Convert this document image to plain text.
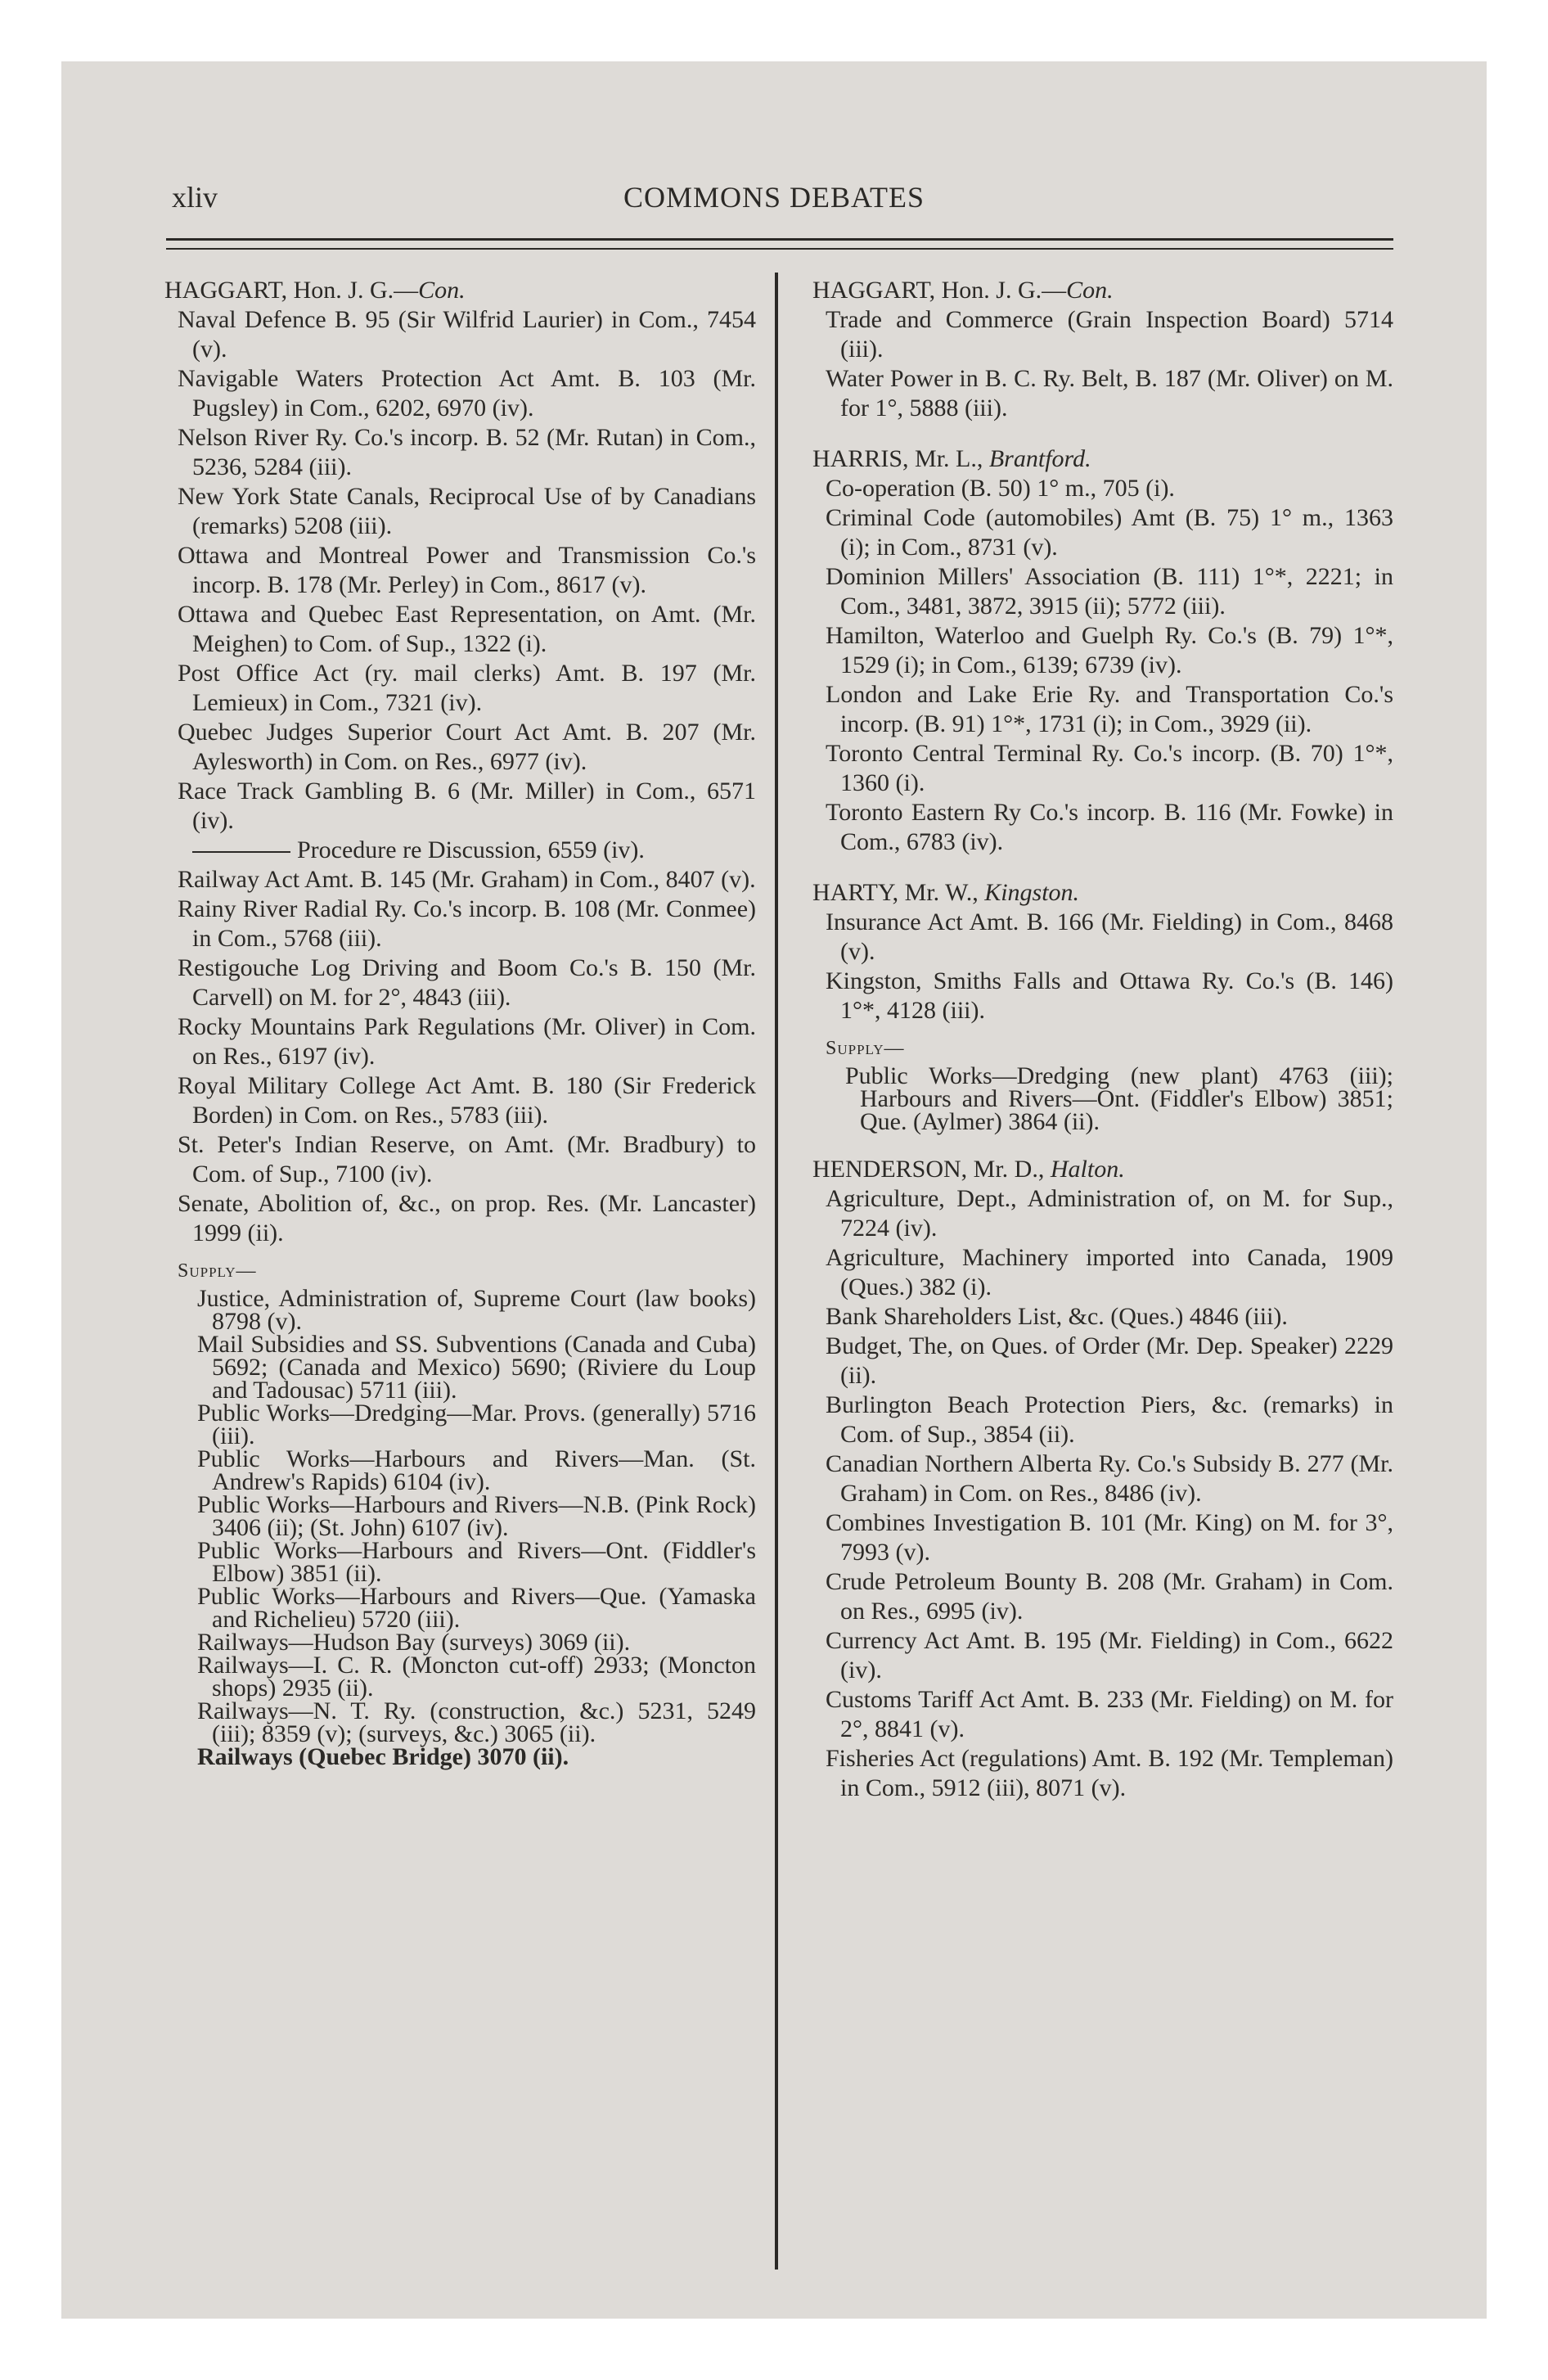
xliv	COMMONS DEBATES

HAGGART, Hon. J. G.—Con.

Naval Defence B. 95 (Sir Wilfrid Laurier) in Com., 7454 (v).

Navigable Waters Protection Act Amt. B. 103 (Mr. Pugsley) in Com., 6202, 6970 (iv).

Nelson River Ry. Co.'s incorp. B. 52 (Mr. Rutan) in Com., 5236, 5284 (iii).

New York State Canals, Reciprocal Use of by Canadians (remarks) 5208 (iii).

Ottawa and Montreal Power and Transmission Co.'s incorp. B. 178 (Mr. Perley) in Com., 8617 (v).

Ottawa and Quebec East Representation, on Amt. (Mr. Meighen) to Com. of Sup., 1322 (i).

Post Office Act (ry. mail clerks) Amt. B. 197 (Mr. Lemieux) in Com., 7321 (iv).

Quebec Judges Superior Court Act Amt. B. 207 (Mr. Aylesworth) in Com. on Res., 6977 (iv).

Race Track Gambling B. 6 (Mr. Miller) in Com., 6571 (iv).

Procedure re Discussion, 6559 (iv).

Railway Act Amt. B. 145 (Mr. Graham) in Com., 8407 (v).

Rainy River Radial Ry. Co.'s incorp. B. 108 (Mr. Conmee) in Com., 5768 (iii).

Restigouche Log Driving and Boom Co.'s B. 150 (Mr. Carvell) on M. for 2°, 4843 (iii).

Rocky Mountains Park Regulations (Mr. Oliver) in Com. on Res., 6197 (iv).

Royal Military College Act Amt. B. 180 (Sir Frederick Borden) in Com. on Res., 5783 (iii).

St. Peter's Indian Reserve, on Amt. (Mr. Bradbury) to Com. of Sup., 7100 (iv).

Senate, Abolition of, &c., on prop. Res. (Mr. Lancaster) 1999 (ii).

Supply—

Justice, Administration of, Supreme Court (law books) 8798 (v).

Mail Subsidies and SS. Subventions (Canada and Cuba) 5692; (Canada and Mexico) 5690; (Riviere du Loup and Tadousac) 5711 (iii).

Public Works—Dredging—Mar. Provs. (generally) 5716 (iii).

Public Works—Harbours and Rivers—Man. (St. Andrew's Rapids) 6104 (iv).

Public Works—Harbours and Rivers—N.B. (Pink Rock) 3406 (ii); (St. John) 6107 (iv).

Public Works—Harbours and Rivers—Ont. (Fiddler's Elbow) 3851 (ii).

Public Works—Harbours and Rivers—Que. (Yamaska and Richelieu) 5720 (iii).

Railways—Hudson Bay (surveys) 3069 (ii).

Railways—I. C. R. (Moncton cut-off) 2933; (Moncton shops) 2935 (ii).

Railways—N. T. Ry. (construction, &c.) 5231, 5249 (iii); 8359 (v); (surveys, &c.) 3065 (ii).

Railways (Quebec Bridge) 3070 (ii).

HAGGART, Hon. J. G.—Con.

Trade and Commerce (Grain Inspection Board) 5714 (iii).

Water Power in B. C. Ry. Belt, B. 187 (Mr. Oliver) on M. for 1°, 5888 (iii).

HARRIS, Mr. L., Brantford.

Co-operation (B. 50) 1° m., 705 (i).

Criminal Code (automobiles) Amt (B. 75) 1° m., 1363 (i); in Com., 8731 (v).

Dominion Millers' Association (B. 111) 1°*, 2221; in Com., 3481, 3872, 3915 (ii); 5772 (iii).

Hamilton, Waterloo and Guelph Ry. Co.'s (B. 79) 1°*, 1529 (i); in Com., 6139; 6739 (iv).

London and Lake Erie Ry. and Transportation Co.'s incorp. (B. 91) 1°*, 1731 (i); in Com., 3929 (ii).

Toronto Central Terminal Ry. Co.'s incorp. (B. 70) 1°*, 1360 (i).

Toronto Eastern Ry Co.'s incorp. B. 116 (Mr. Fowke) in Com., 6783 (iv).

HARTY, Mr. W., Kingston.

Insurance Act Amt. B. 166 (Mr. Fielding) in Com., 8468 (v).

Kingston, Smiths Falls and Ottawa Ry. Co.'s (B. 146) 1°*, 4128 (iii).

Supply—

Public Works—Dredging (new plant) 4763 (iii); Harbours and Rivers—Ont. (Fiddler's Elbow) 3851; Que. (Aylmer) 3864 (ii).

HENDERSON, Mr. D., Halton.

Agriculture, Dept., Administration of, on M. for Sup., 7224 (iv).

Agriculture, Machinery imported into Canada, 1909 (Ques.) 382 (i).

Bank Shareholders List, &c. (Ques.) 4846 (iii).

Budget, The, on Ques. of Order (Mr. Dep. Speaker) 2229 (ii).

Burlington Beach Protection Piers, &c. (remarks) in Com. of Sup., 3854 (ii).

Canadian Northern Alberta Ry. Co.'s Subsidy B. 277 (Mr. Graham) in Com. on Res., 8486 (iv).

Combines Investigation B. 101 (Mr. King) on M. for 3°, 7993 (v).

Crude Petroleum Bounty B. 208 (Mr. Graham) in Com. on Res., 6995 (iv).

Currency Act Amt. B. 195 (Mr. Fielding) in Com., 6622 (iv).

Customs Tariff Act Amt. B. 233 (Mr. Fielding) on M. for 2°, 8841 (v).

Fisheries Act (regulations) Amt. B. 192 (Mr. Templeman) in Com., 5912 (iii), 8071 (v).
